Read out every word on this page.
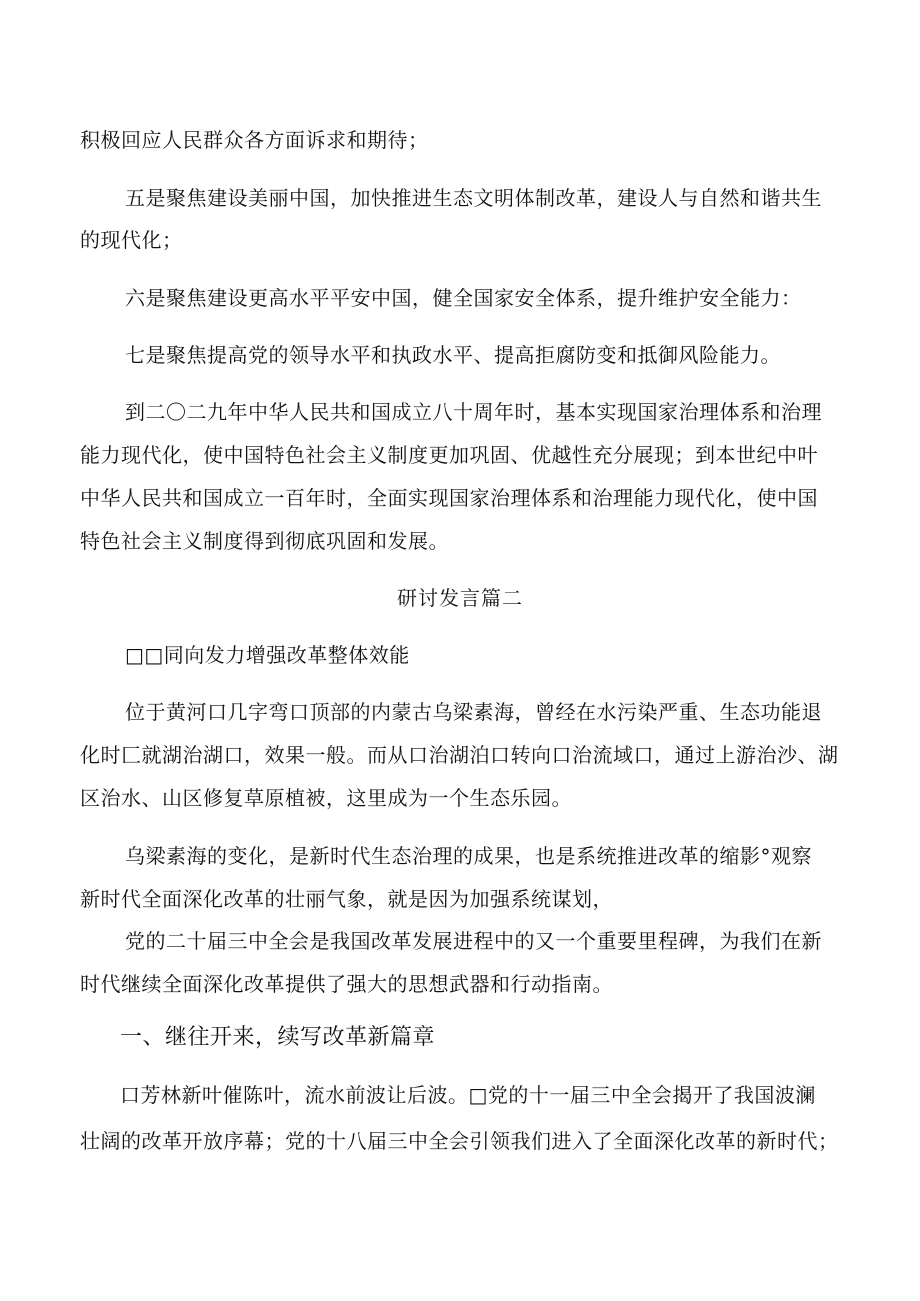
积极回应人民群众各方面诉求和期待；
五是聚焦建设美丽中国，加快推进生态文明体制改革，建设人与自然和谐共生
的现代化；
六是聚焦建设更高水平平安中国，健全国家安全体系，提升维护安全能力：
七是聚焦提高党的领导水平和执政水平、提高拒腐防变和抵御风险能力。
到二〇二九年中华人民共和国成立八十周年时，基本实现国家治理体系和治理
能力现代化，使中国特色社会主义制度更加巩固、优越性充分展现；到本世纪中叶
中华人民共和国成立一百年时，全面实现国家治理体系和治理能力现代化，使中国
特色社会主义制度得到彻底巩固和发展。
研讨发言篇二
□□同向发力增强改革整体效能
位于黄河口几字弯口顶部的内蒙古乌梁素海，曾经在水污染严重、生态功能退
化时匚就湖治湖口，效果一般。而从口治湖泊口转向口治流域口，通过上游治沙、湖
区治水、山区修复草原植被，这里成为一个生态乐园。
乌梁素海的变化，是新时代生态治理的成果，也是系统推进改革的缩影°观察
新时代全面深化改革的壮丽气象，就是因为加强系统谋划，
党的二十届三中全会是我国改革发展进程中的又一个重要里程碑，为我们在新
时代继续全面深化改革提供了强大的思想武器和行动指南。
一、继往开来，续写改革新篇章
口芳林新叶催陈叶，流水前波让后波。□党的十一届三中全会揭开了我国波澜
壮阔的改革开放序幕；党的十八届三中全会引领我们进入了全面深化改革的新时代；
